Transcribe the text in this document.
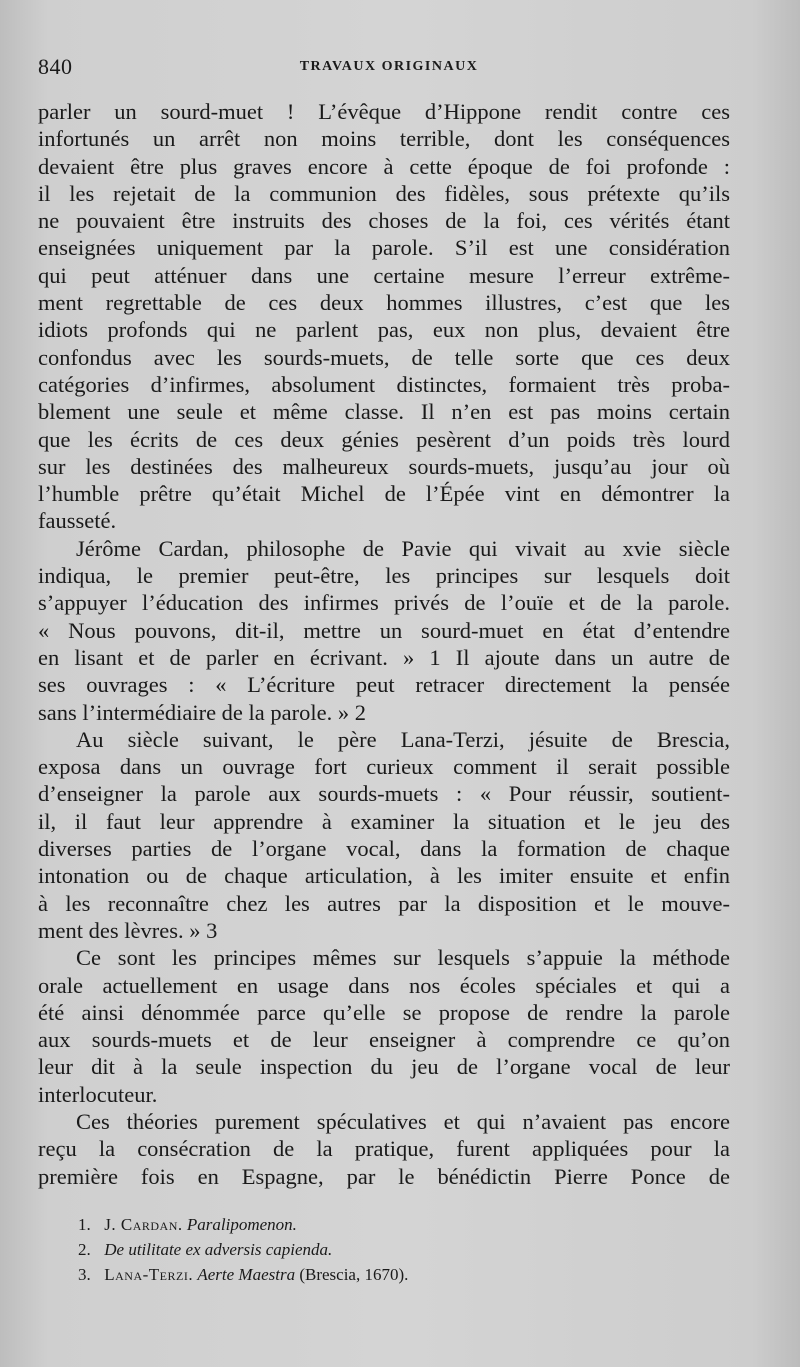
840	TRAVAUX ORIGINAUX
parler un sourd-muet ! L’évêque d’Hippone rendit contre ces
infortunés un arrêt non moins terrible, dont les conséquences
devaient être plus graves encore à cette époque de foi profonde :
il les rejetait de la communion des fidèles, sous prétexte qu’ils
ne pouvaient être instruits des choses de la foi, ces vérités étant
enseignées uniquement par la parole. S’il est une considération
qui peut atténuer dans une certaine mesure l’erreur extrême-
ment regrettable de ces deux hommes illustres, c’est que les
idiots profonds qui ne parlent pas, eux non plus, devaient être
confondus avec les sourds-muets, de telle sorte que ces deux
catégories d’infirmes, absolument distinctes, formaient très proba-
blement une seule et même classe. Il n’en est pas moins certain
que les écrits de ces deux génies pesèrent d’un poids très lourd
sur les destinées des malheureux sourds-muets, jusqu’au jour où
l’humble prêtre qu’était Michel de l’Épée vint en démontrer la
fausseté.
Jérôme Cardan, philosophe de Pavie qui vivait au xvie siècle
indiqua, le premier peut-être, les principes sur lesquels doit
s’appuyer l’éducation des infirmes privés de l’ouïe et de la parole.
« Nous pouvons, dit-il, mettre un sourd-muet en état d’entendre
en lisant et de parler en écrivant. » 1 Il ajoute dans un autre de
ses ouvrages : « L’écriture peut retracer directement la pensée
sans l’intermédiaire de la parole. » 2
Au siècle suivant, le père Lana-Terzi, jésuite de Brescia,
exposa dans un ouvrage fort curieux comment il serait possible
d’enseigner la parole aux sourds-muets : « Pour réussir, soutient-
il, il faut leur apprendre à examiner la situation et le jeu des
diverses parties de l’organe vocal, dans la formation de chaque
intonation ou de chaque articulation, à les imiter ensuite et enfin
à les reconnaître chez les autres par la disposition et le mouve-
ment des lèvres. » 3
Ce sont les principes mêmes sur lesquels s’appuie la méthode
orale actuellement en usage dans nos écoles spéciales et qui a
été ainsi dénommée parce qu’elle se propose de rendre la parole
aux sourds-muets et de leur enseigner à comprendre ce qu’on
leur dit à la seule inspection du jeu de l’organe vocal de leur
interlocuteur.
Ces théories purement spéculatives et qui n’avaient pas encore
reçu la consécration de la pratique, furent appliquées pour la
première fois en Espagne, par le bénédictin Pierre Ponce de
1. J. Cardan. Paralipomenon.
2. De utilitate ex adversis capienda.
3. Lana-Terzi. Aerte Maestra (Brescia, 1670).
